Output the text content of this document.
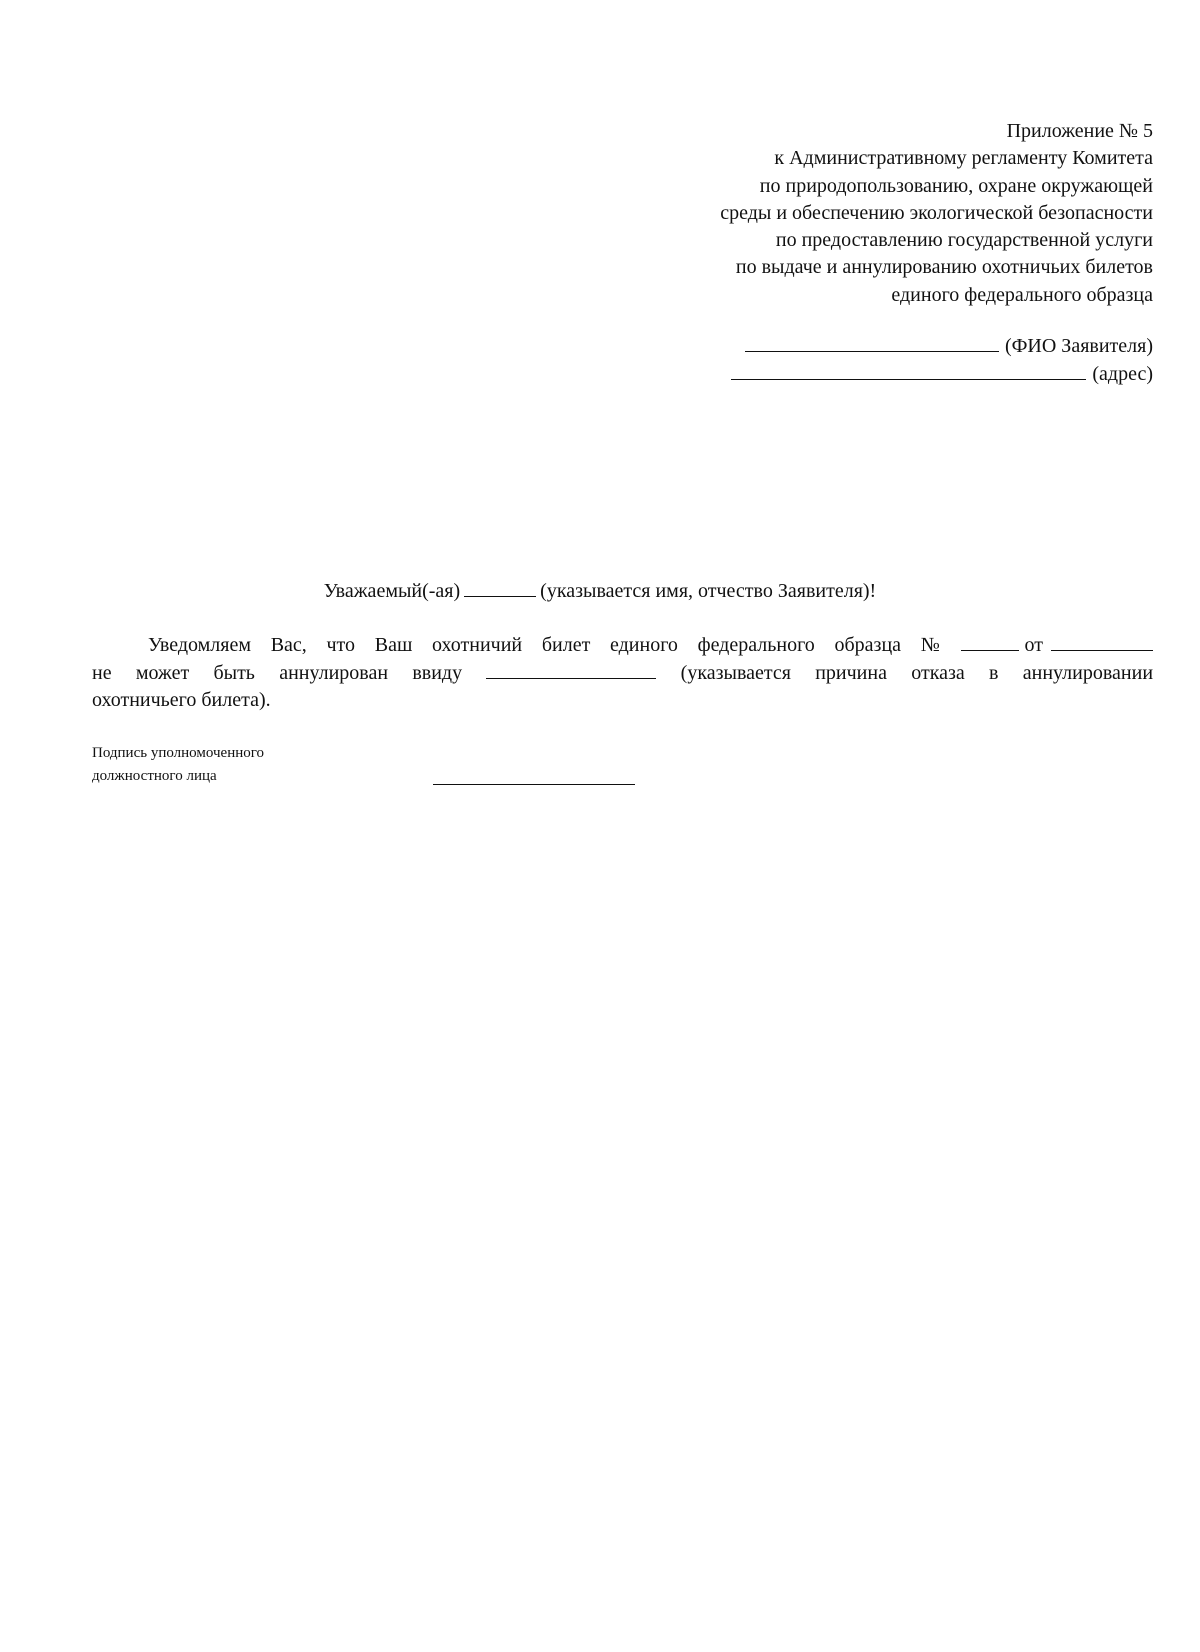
Приложение № 5
к Административному регламенту Комитета
по природопользованию, охране окружающей
среды и обеспечению экологической безопасности
по предоставлению государственной услуги
по выдаче и аннулированию охотничьих билетов
единого федерального образца
(ФИО Заявителя)
(адрес)
Уважаемый(-ая)	(указывается имя, отчество Заявителя)!
Уведомляем Вас, что Ваш охотничий билет единого федерального образца №	от
не может быть аннулирован ввиду	(указывается причина отказа в аннулировании
охотничьего билета).
Подпись уполномоченного
должностного лица
